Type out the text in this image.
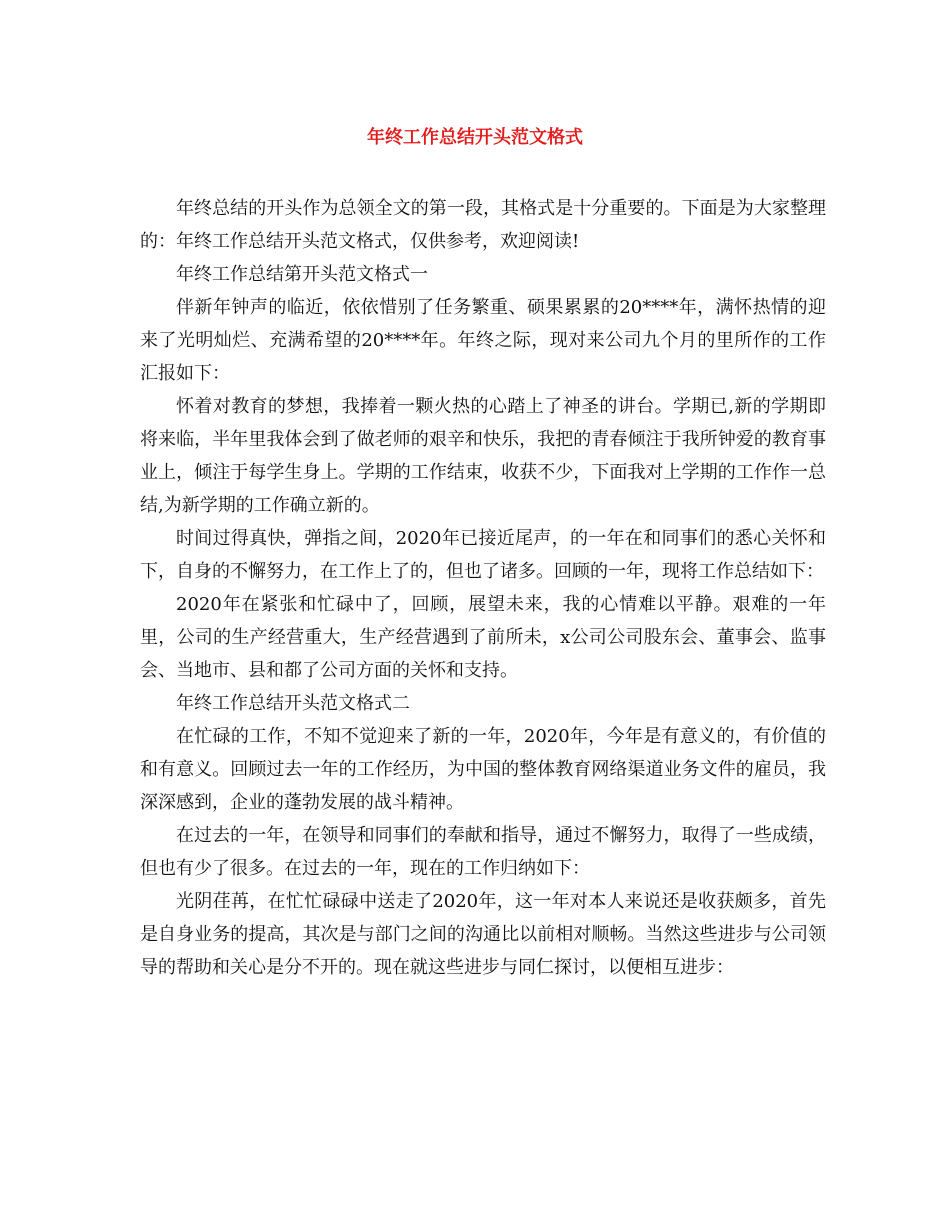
年终工作总结开头范文格式

年终总结的开头作为总领全文的第一段，其格式是十分重要的。下面是为大家整理的：年终工作总结开头范文格式，仅供参考，欢迎阅读!

年终工作总结第开头范文格式一

伴新年钟声的临近，依依惜别了任务繁重、硕果累累的20****年，满怀热情的迎来了光明灿烂、充满希望的20****年。年终之际，现对来公司九个月的里所作的工作汇报如下：

怀着对教育的梦想，我捧着一颗火热的心踏上了神圣的讲台。学期已,新的学期即将来临，半年里我体会到了做老师的艰辛和快乐，我把的青春倾注于我所钟爱的教育事业上，倾注于每学生身上。学期的工作结束，收获不少，下面我对上学期的工作作一总结,为新学期的工作确立新的。

时间过得真快，弹指之间，2020年已接近尾声，的一年在和同事们的悉心关怀和下，自身的不懈努力，在工作上了的，但也了诸多。回顾的一年，现将工作总结如下：

2020年在紧张和忙碌中了，回顾，展望未来，我的心情难以平静。艰难的一年里，公司的生产经营重大，生产经营遇到了前所未，x公司公司股东会、董事会、监事会、当地市、县和都了公司方面的关怀和支持。

年终工作总结开头范文格式二

在忙碌的工作，不知不觉迎来了新的一年，2020年，今年是有意义的，有价值的和有意义。回顾过去一年的工作经历，为中国的整体教育网络渠道业务文件的雇员，我深深感到，企业的蓬勃发展的战斗精神。

在过去的一年，在领导和同事们的奉献和指导，通过不懈努力，取得了一些成绩，但也有少了很多。在过去的一年，现在的工作归纳如下：

光阴荏苒，在忙忙碌碌中送走了2020年，这一年对本人来说还是收获颇多，首先是自身业务的提高，其次是与部门之间的沟通比以前相对顺畅。当然这些进步与公司领导的帮助和关心是分不开的。现在就这些进步与同仁探讨，以便相互进步：
